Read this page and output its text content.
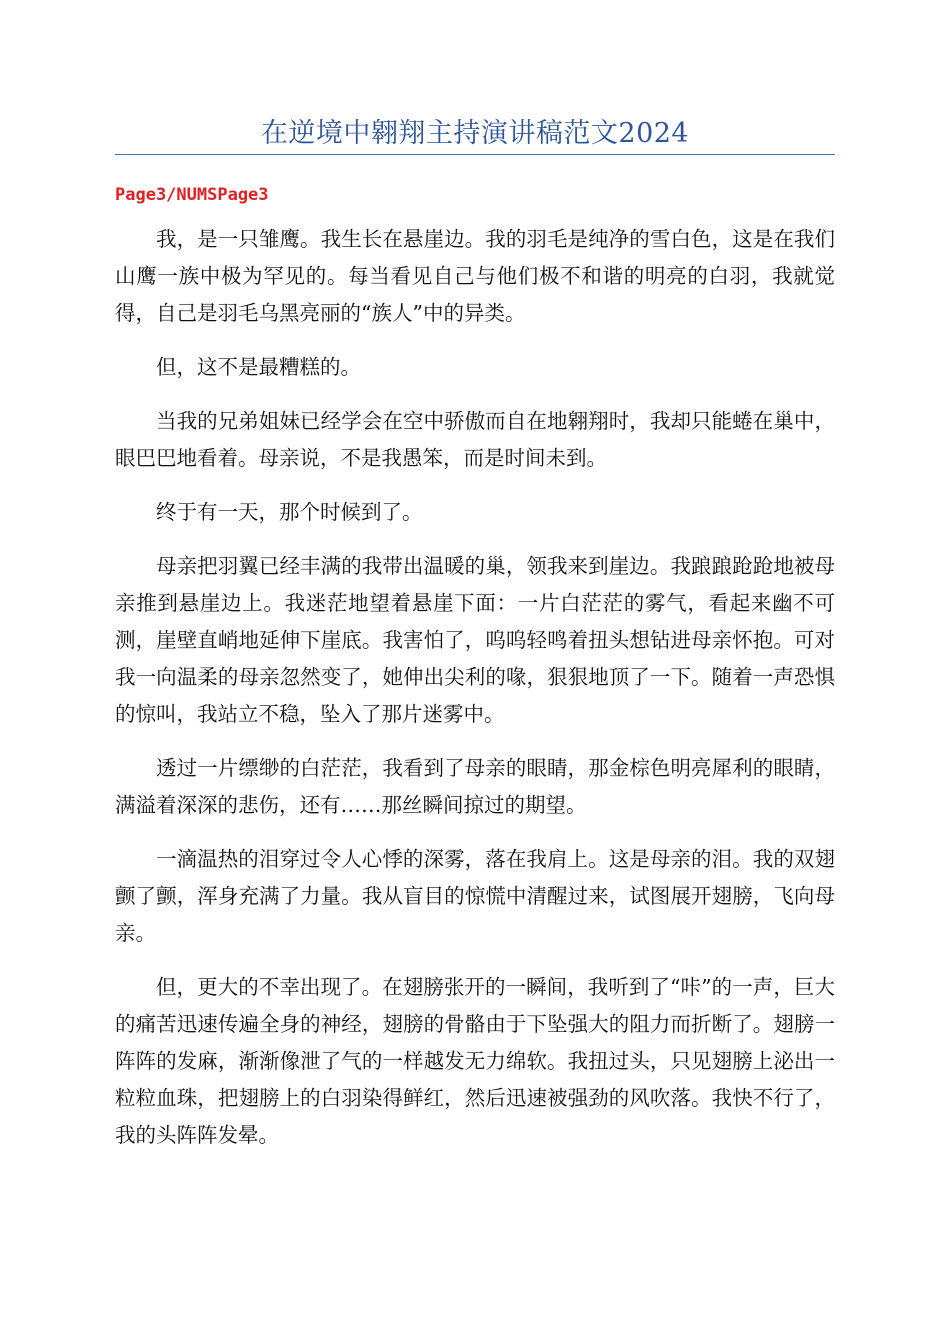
在逆境中翱翔主持演讲稿范文2024
Page3/NUMSPage3

我，是一只雏鹰。我生长在悬崖边。我的羽毛是纯净的雪白色，这是在我们山鹰一族中极为罕见的。每当看见自己与他们极不和谐的明亮的白羽，我就觉得，自己是羽毛乌黑亮丽的“族人”中的异类。

但，这不是最糟糕的。

当我的兄弟姐妹已经学会在空中骄傲而自在地翱翔时，我却只能蜷在巢中，眼巴巴地看着。母亲说，不是我愚笨，而是时间未到。

终于有一天，那个时候到了。

母亲把羽翼已经丰满的我带出温暖的巢，领我来到崖边。我踉踉跄跄地被母亲推到悬崖边上。我迷茫地望着悬崖下面：一片白茫茫的雾气，看起来幽不可测，崖壁直峭地延伸下崖底。我害怕了，呜呜轻鸣着扭头想钻进母亲怀抱。可对我一向温柔的母亲忽然变了，她伸出尖利的喙，狠狠地顶了一下。随着一声恐惧的惊叫，我站立不稳，坠入了那片迷雾中。

透过一片缥缈的白茫茫，我看到了母亲的眼睛，那金棕色明亮犀利的眼睛，满溢着深深的悲伤，还有……那丝瞬间掠过的期望。

一滴温热的泪穿过令人心悸的深雾，落在我肩上。这是母亲的泪。我的双翅颤了颤，浑身充满了力量。我从盲目的惊慌中清醒过来，试图展开翅膀，飞向母亲。

但，更大的不幸出现了。在翅膀张开的一瞬间，我听到了“咔”的一声，巨大的痛苦迅速传遍全身的神经，翅膀的骨骼由于下坠强大的阻力而折断了。翅膀一阵阵的发麻，渐渐像泄了气的一样越发无力绵软。我扭过头，只见翅膀上泌出一粒粒血珠，把翅膀上的白羽染得鲜红，然后迅速被强劲的风吹落。我快不行了，我的头阵阵发晕。
